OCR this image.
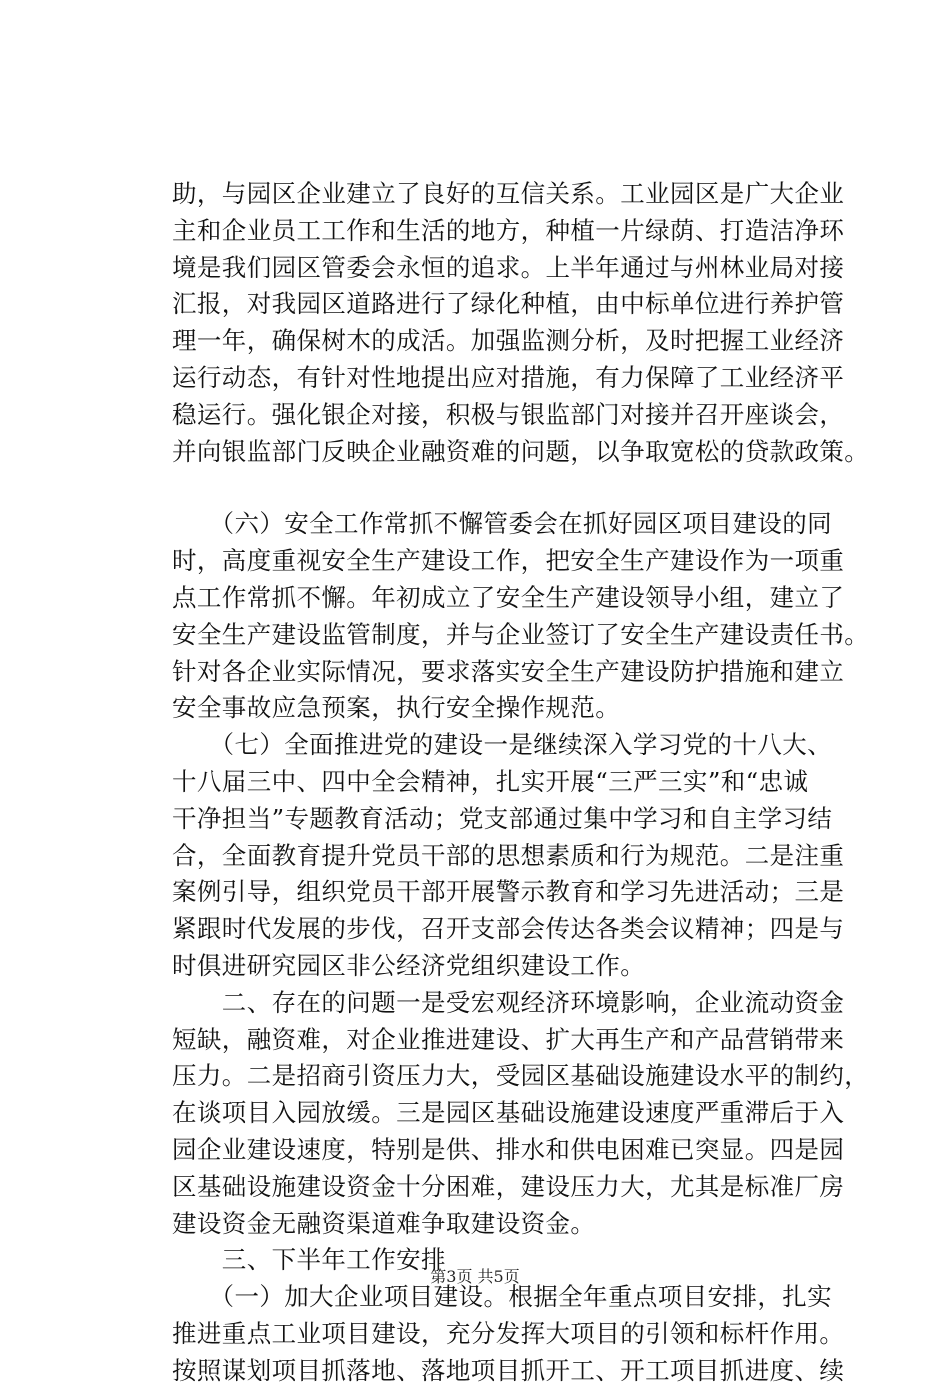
助，与园区企业建立了良好的互信关系。工业园区是广大企业
主和企业员工工作和生活的地方，种植一片绿荫、打造洁净环
境是我们园区管委会永恒的追求。上半年通过与州林业局对接
汇报，对我园区道路进行了绿化种植，由中标单位进行养护管
理一年，确保树木的成活。加强监测分析，及时把握工业经济
运行动态，有针对性地提出应对措施，有力保障了工业经济平
稳运行。强化银企对接，积极与银监部门对接并召开座谈会，
并向银监部门反映企业融资难的问题，以争取宽松的贷款政策。
　　（六）安全工作常抓不懈管委会在抓好园区项目建设的同
时，高度重视安全生产建设工作，把安全生产建设作为一项重
点工作常抓不懈。年初成立了安全生产建设领导小组，建立了
安全生产建设监管制度，并与企业签订了安全生产建设责任书。
针对各企业实际情况，要求落实安全生产建设防护措施和建立
安全事故应急预案，执行安全操作规范。
　　（七）全面推进党的建设一是继续深入学习党的十八大、
十八届三中、四中全会精神，扎实开展“三严三实”和“忠诚
干净担当”专题教育活动；党支部通过集中学习和自主学习结
合，全面教育提升党员干部的思想素质和行为规范。二是注重
案例引导，组织党员干部开展警示教育和学习先进活动；三是
紧跟时代发展的步伐，召开支部会传达各类会议精神；四是与
时俱进研究园区非公经济党组织建设工作。
　　二、存在的问题一是受宏观经济环境影响，企业流动资金
短缺，融资难，对企业推进建设、扩大再生产和产品营销带来
压力。二是招商引资压力大，受园区基础设施建设水平的制约，
在谈项目入园放缓。三是园区基础设施建设速度严重滞后于入
园企业建设速度，特别是供、排水和供电困难已突显。四是园
区基础设施建设资金十分困难，建设压力大，尤其是标准厂房
建设资金无融资渠道难争取建设资金。
　　三、下半年工作安排
　　（一）加大企业项目建设。根据全年重点项目安排，扎实
推进重点工业项目建设，充分发挥大项目的引领和标杆作用。
按照谋划项目抓落地、落地项目抓开工、开工项目抓进度、续
第3页 共5页
